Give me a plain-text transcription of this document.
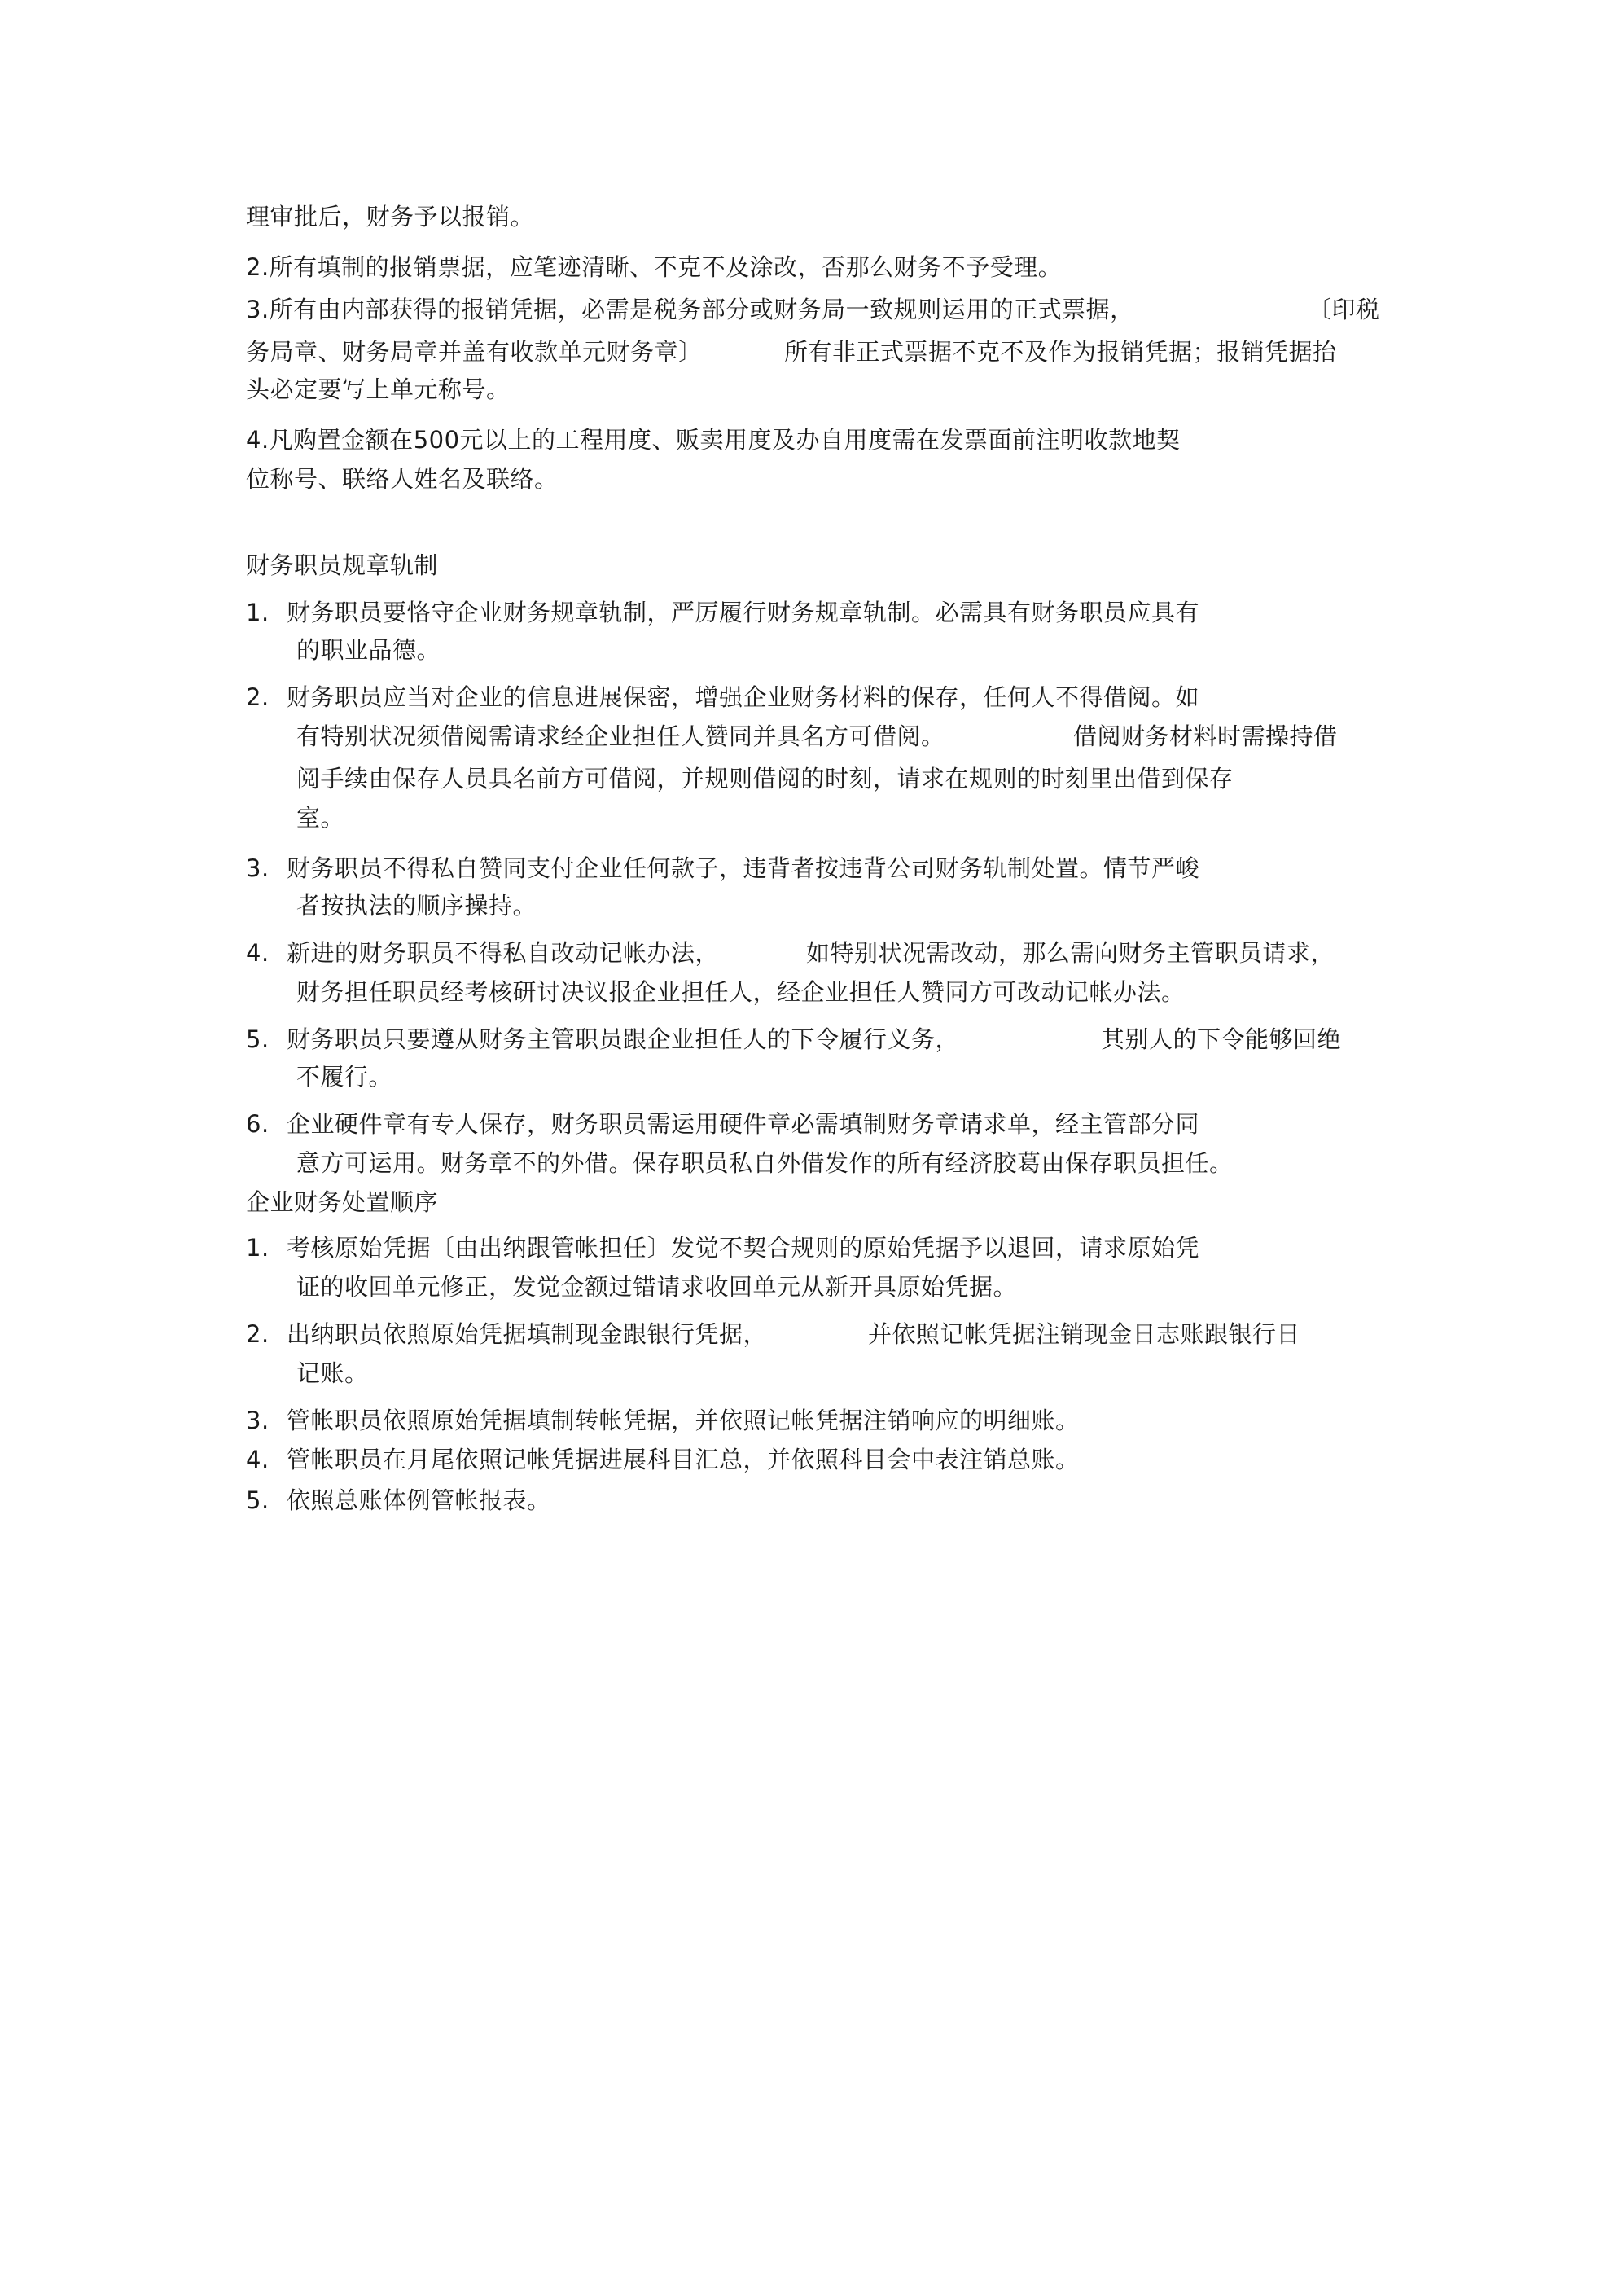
理审批后，财务予以报销。
2.所有填制的报销票据，应笔迹清晰、不克不及涂改，否那么财务不予受理。
3.所有由内部获得的报销凭据，必需是税务部分或财务局一致规则运用的正式票据，	〔印税
务局章、财务局章并盖有收款单元财务章〕	所有非正式票据不克不及作为报销凭据；报销凭据抬
头必定要写上单元称号。
4.凡购置金额在500元以上的工程用度、贩卖用度及办自用度需在发票面前注明收款地契
位称号、联络人姓名及联络。
财务职员规章轨制
1. 财务职员要恪守企业财务规章轨制，严厉履行财务规章轨制。必需具有财务职员应具有
的职业品德。
2. 财务职员应当对企业的信息进展保密，增强企业财务材料的保存，任何人不得借阅。如
有特别状况须借阅需请求经企业担任人赞同并具名方可借阅。	借阅财务材料时需操持借
阅手续由保存人员具名前方可借阅，并规则借阅的时刻，请求在规则的时刻里出借到保存
室。
3. 财务职员不得私自赞同支付企业任何款子，违背者按违背公司财务轨制处置。情节严峻
者按执法的顺序操持。
4. 新进的财务职员不得私自改动记帐办法，	如特别状况需改动，那么需向财务主管职员请求，
财务担任职员经考核研讨决议报企业担任人，经企业担任人赞同方可改动记帐办法。
5. 财务职员只要遵从财务主管职员跟企业担任人的下令履行义务，	其别人的下令能够回绝
不履行。
6. 企业硬件章有专人保存，财务职员需运用硬件章必需填制财务章请求单，经主管部分同
意方可运用。财务章不的外借。保存职员私自外借发作的所有经济胶葛由保存职员担任。
企业财务处置顺序
1. 考核原始凭据〔由出纳跟管帐担任〕发觉不契合规则的原始凭据予以退回，请求原始凭
证的收回单元修正，发觉金额过错请求收回单元从新开具原始凭据。
2. 出纳职员依照原始凭据填制现金跟银行凭据，	并依照记帐凭据注销现金日志账跟银行日
记账。
3. 管帐职员依照原始凭据填制转帐凭据，并依照记帐凭据注销响应的明细账。
4. 管帐职员在月尾依照记帐凭据进展科目汇总，并依照科目会中表注销总账。
5. 依照总账体例管帐报表。
